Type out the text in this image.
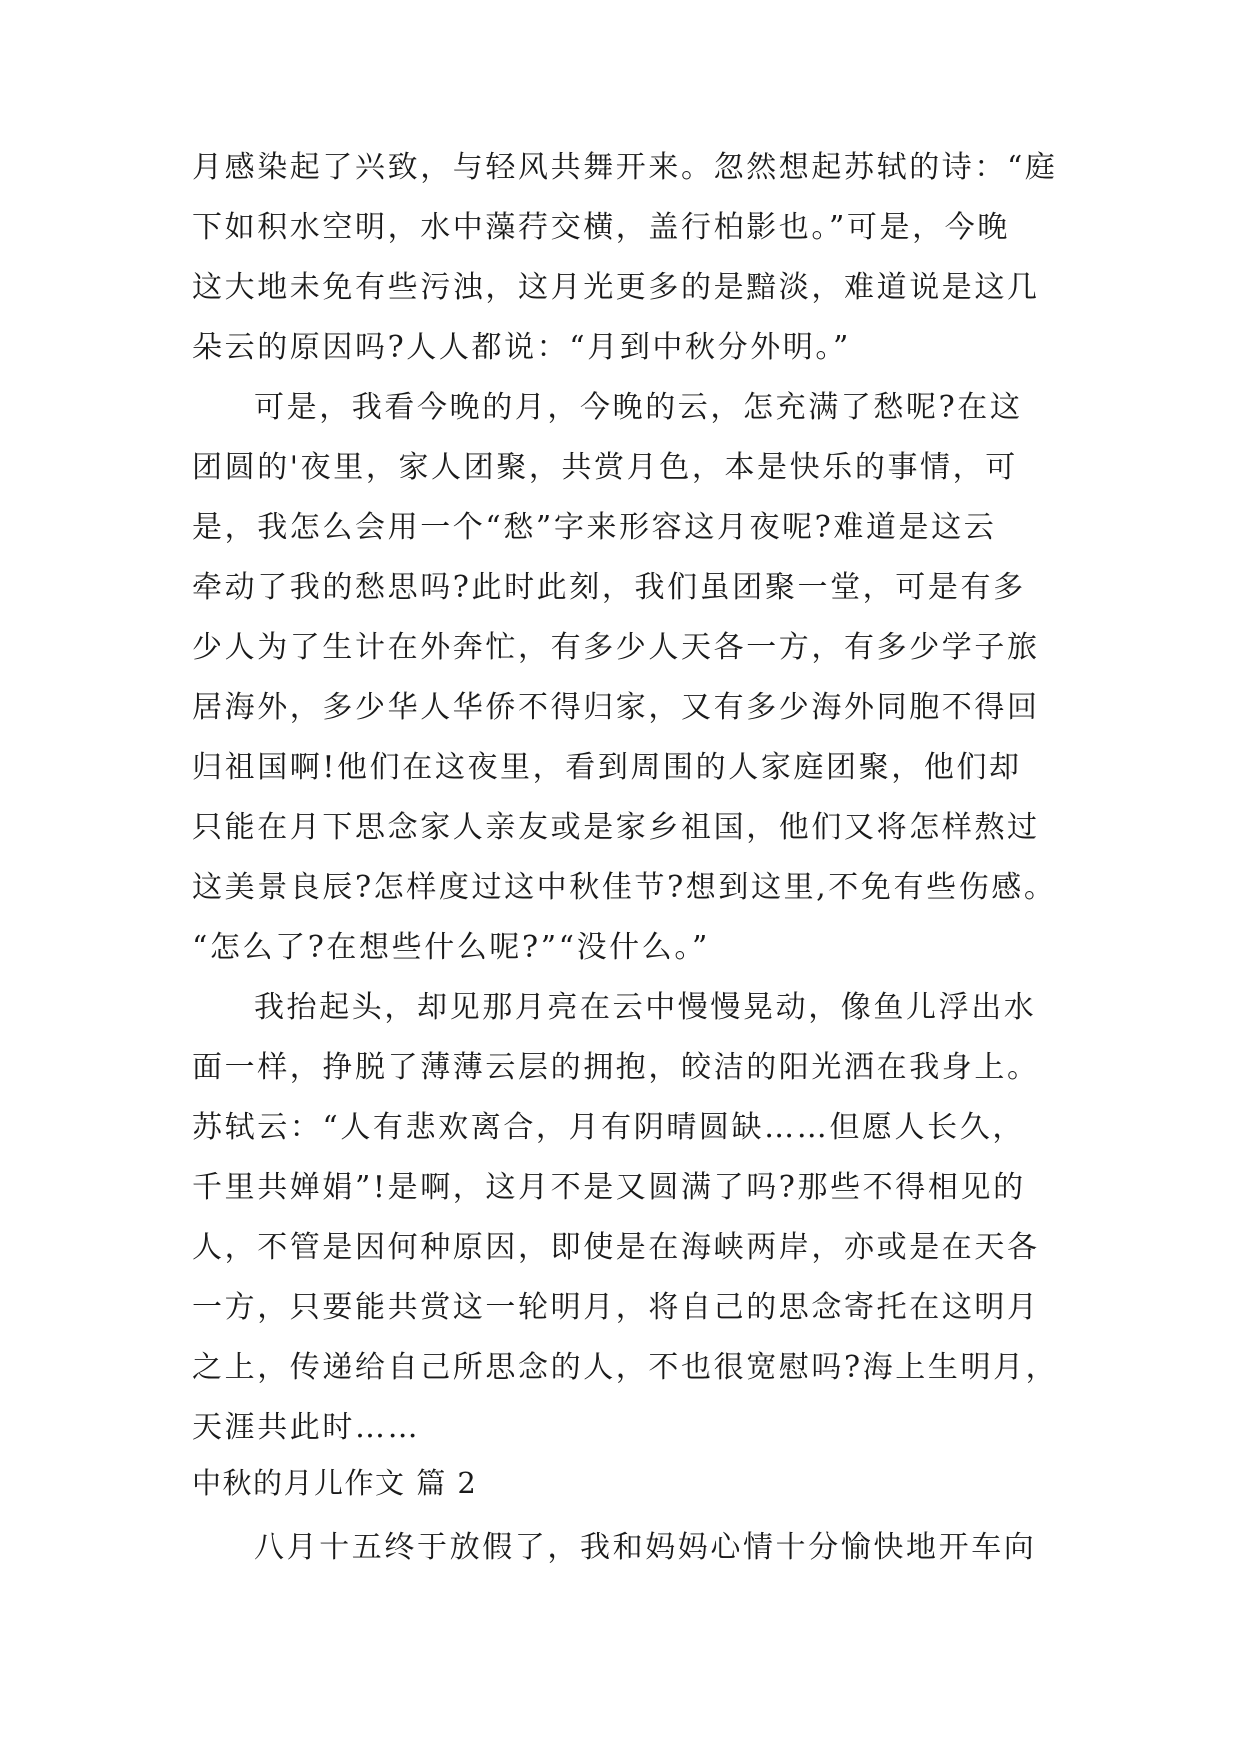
月感染起了兴致，与轻风共舞开来。忽然想起苏轼的诗：“庭
下如积水空明，水中藻荇交横，盖行柏影也。”可是，今晚
这大地未免有些污浊，这月光更多的是黯淡，难道说是这几
朵云的原因吗?人人都说：“月到中秋分外明。”
可是，我看今晚的月，今晚的云，怎充满了愁呢?在这
团圆的'夜里，家人团聚，共赏月色，本是快乐的事情，可
是，我怎么会用一个“愁”字来形容这月夜呢?难道是这云
牵动了我的愁思吗?此时此刻，我们虽团聚一堂，可是有多
少人为了生计在外奔忙，有多少人天各一方，有多少学子旅
居海外，多少华人华侨不得归家，又有多少海外同胞不得回
归祖国啊!他们在这夜里，看到周围的人家庭团聚，他们却
只能在月下思念家人亲友或是家乡祖国，他们又将怎样熬过
这美景良辰?怎样度过这中秋佳节?想到这里,不免有些伤感。
“怎么了?在想些什么呢?”“没什么。”
我抬起头，却见那月亮在云中慢慢晃动，像鱼儿浮出水
面一样，挣脱了薄薄云层的拥抱，皎洁的阳光洒在我身上。
苏轼云：“人有悲欢离合，月有阴晴圆缺……但愿人长久，
千里共婵娟”!是啊，这月不是又圆满了吗?那些不得相见的
人，不管是因何种原因，即使是在海峡两岸，亦或是在天各
一方，只要能共赏这一轮明月，将自己的思念寄托在这明月
之上，传递给自己所思念的人，不也很宽慰吗?海上生明月，
天涯共此时……
中秋的月儿作文 篇 2
八月十五终于放假了，我和妈妈心情十分愉快地开车向
